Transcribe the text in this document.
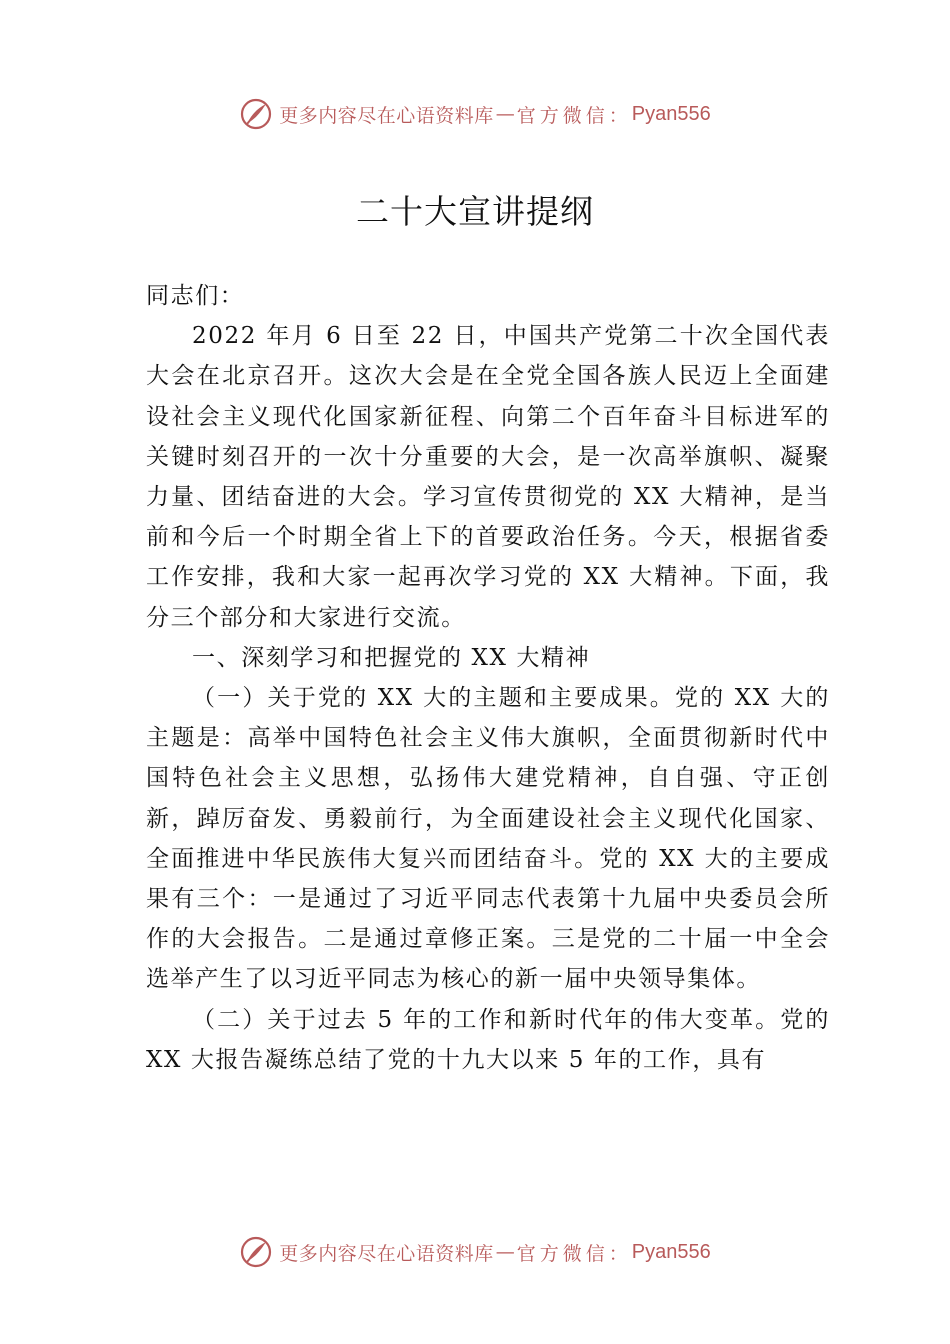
更多内容尽在心语资料库 — 官方微信： Pyan556
二十大宣讲提纲

同志们：

2022 年月 6 日至 22 日，中国共产党第二十次全国代表大会在北京召开。这次大会是在全党全国各族人民迈上全面建设社会主义现代化国家新征程、向第二个百年奋斗目标进军的关键时刻召开的一次十分重要的大会，是一次高举旗帜、凝聚力量、团结奋进的大会。学习宣传贯彻党的 XX 大精神，是当前和今后一个时期全省上下的首要政治任务。今天，根据省委工作安排，我和大家一起再次学习党的 XX 大精神。下面，我分三个部分和大家进行交流。

一、深刻学习和把握党的 XX 大精神

（一）关于党的 XX 大的主题和主要成果。党的 XX 大的主题是：高举中国特色社会主义伟大旗帜，全面贯彻新时代中国特色社会主义思想，弘扬伟大建党精神，自自强、守正创新，踔厉奋发、勇毅前行，为全面建设社会主义现代化国家、全面推进中华民族伟大复兴而团结奋斗。党的 XX 大的主要成果有三个：一是通过了习近平同志代表第十九届中央委员会所作的大会报告。二是通过章修正案。三是党的二十届一中全会选举产生了以习近平同志为核心的新一届中央领导集体。

（二）关于过去 5 年的工作和新时代年的伟大变革。党的 XX 大报告凝练总结了党的十九大以来 5 年的工作，具有

更多内容尽在心语资料库 — 官方微信： Pyan556
